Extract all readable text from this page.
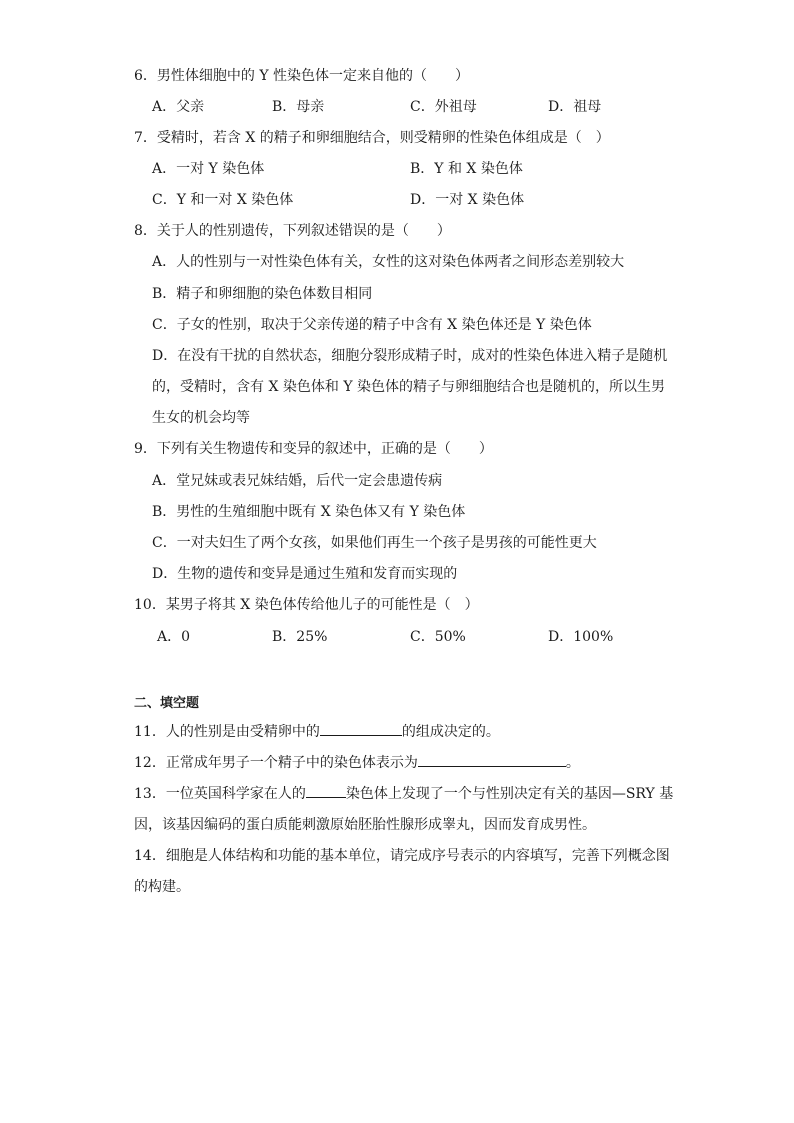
6．男性体细胞中的 Y 性染色体一定来自他的（　　）
A．父亲	B．母亲	C．外祖母	D．祖母
7．受精时，若含 X 的精子和卵细胞结合，则受精卵的性染色体组成是（　）
A．一对 Y 染色体	B．Y 和 X 染色体
C．Y 和一对 X 染色体	D．一对 X 染色体
8．关于人的性别遗传，下列叙述错误的是（　　）
A．人的性别与一对性染色体有关，女性的这对染色体两者之间形态差别较大
B．精子和卵细胞的染色体数目相同
C．子女的性别，取决于父亲传递的精子中含有 X 染色体还是 Y 染色体
D．在没有干扰的自然状态，细胞分裂形成精子时，成对的性染色体进入精子是随机
的，受精时，含有 X 染色体和 Y 染色体的精子与卵细胞结合也是随机的，所以生男
生女的机会均等
9．下列有关生物遗传和变异的叙述中，正确的是（　　）
A．堂兄妹或表兄妹结婚，后代一定会患遗传病
B．男性的生殖细胞中既有 X 染色体又有 Y 染色体
C．一对夫妇生了两个女孩，如果他们再生一个孩子是男孩的可能性更大
D．生物的遗传和变异是通过生殖和发育而实现的
10．某男子将其 X 染色体传给他儿子的可能性是（　）
A．0	B．25%	C．50%	D．100%
二、填空题
11．人的性别是由受精卵中的	的组成决定的。
12．正常成年男子一个精子中的染色体表示为	。
13．一位英国科学家在人的	染色体上发现了一个与性别决定有关的基因—SRY 基
因，该基因编码的蛋白质能刺激原始胚胎性腺形成睾丸，因而发育成男性。
14．细胞是人体结构和功能的基本单位，请完成序号表示的内容填写，完善下列概念图
的构建。
